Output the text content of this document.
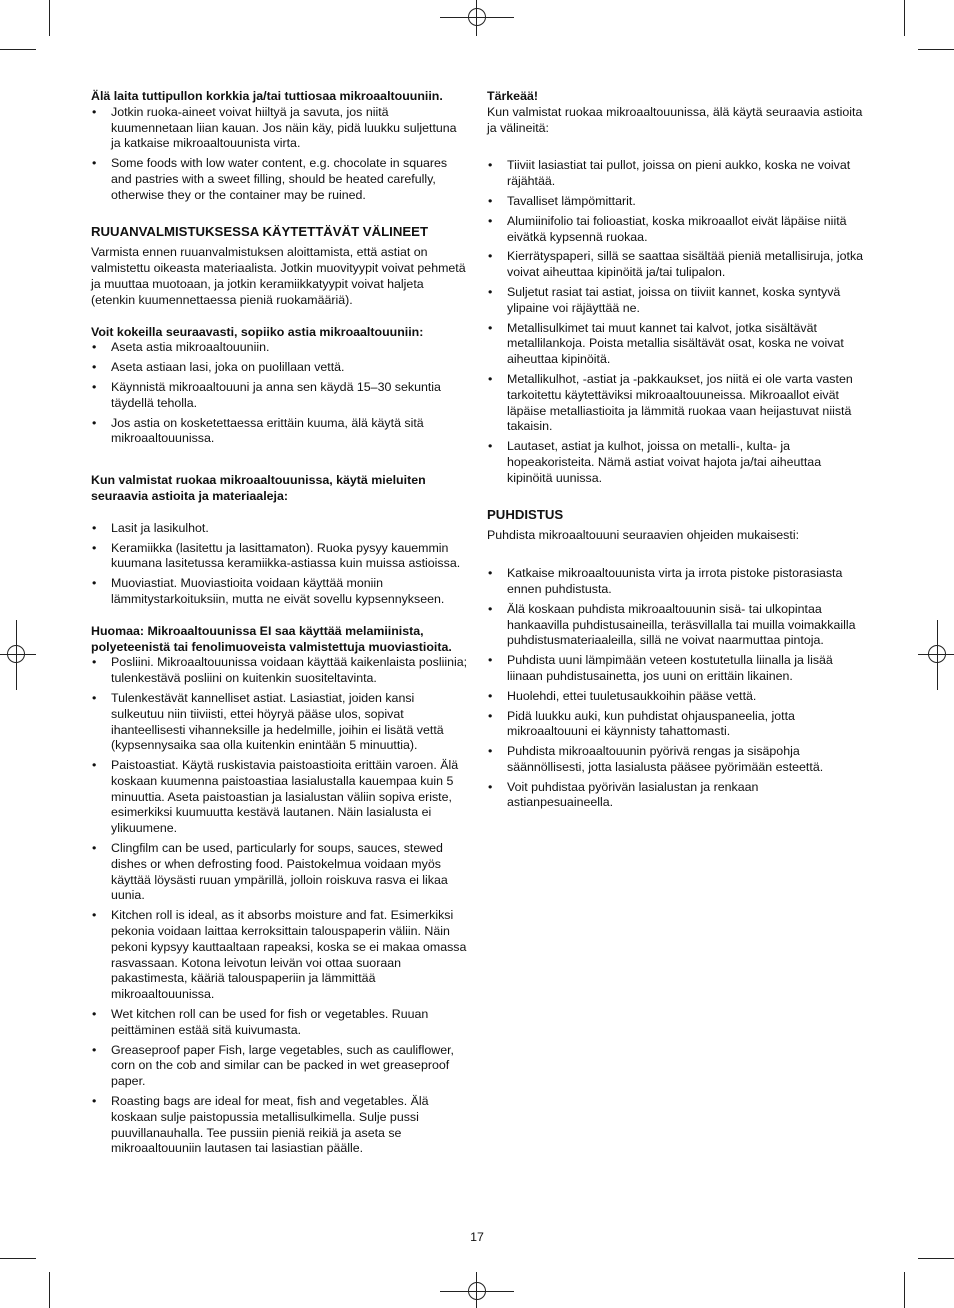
Älä laita tuttipullon korkkia ja/tai tuttiosaa mikroaaltouuniin.

• Jotkin ruoka-aineet voivat hiiltyä ja savuta, jos niitä kuumennetaan liian kauan. Jos näin käy, pidä luukku suljettuna ja katkaise mikroaaltouunista virta.
• Some foods with low water content, e.g. chocolate in squares and pastries with a sweet filling, should be heated carefully, otherwise they or the container may be ruined.

RUUANVALMISTUKSESSA KÄYTETTÄVÄT VÄLINEET

Varmista ennen ruuanvalmistuksen aloittamista, että astiat on valmistettu oikeasta materiaalista. Jotkin muovityypit voivat pehmetä ja muuttaa muotoaan, ja jotkin keramiikkatyypit voivat haljeta (etenkin kuumennettaessa pieniä ruokamääriä).

Voit kokeilla seuraavasti, sopiiko astia mikroaaltouuniin:

• Aseta astia mikroaaltouuniin.
• Aseta astiaan lasi, joka on puolillaan vettä.
• Käynnistä mikroaaltouuni ja anna sen käydä 15–30 sekuntia täydellä teholla.
• Jos astia on kosketettaessa erittäin kuuma, älä käytä sitä mikroaaltouunissa.

Kun valmistat ruokaa mikroaaltouunissa, käytä mieluiten seuraavia astioita ja materiaaleja:

• Lasit ja lasikulhot.
• Keramiikka (lasitettu ja lasittamaton). Ruoka pysyy kauemmin kuumana lasitetussa keramiikka-astiassa kuin muissa astioissa.
• Muoviastiat. Muoviastioita voidaan käyttää moniin lämmitystarkoituksiin, mutta ne eivät sovellu kypsennykseen.

Huomaa: Mikroaaltouunissa EI saa käyttää melamiinista, polyeteenistä tai fenolimuoveista valmistettuja muoviastioita.

• Posliini. Mikroaaltouunissa voidaan käyttää kaikenlaista posliinia; tulenkestävä posliini on kuitenkin suositeltavinta.
• Tulenkestävät kannelliset astiat. Lasiastiat, joiden kansi sulkeutuu niin tiiviisti, ettei höyryä pääse ulos, sopivat ihanteellisesti vihanneksille ja hedelmille, joihin ei lisätä vettä (kypsennysaika saa olla kuitenkin enintään 5 minuuttia).
• Paistoastiat. Käytä ruskistavia paistoastioita erittäin varoen. Älä koskaan kuumenna paistoastiaa lasialustalla kauempaa kuin 5 minuuttia. Aseta paistoastian ja lasialustan väliin sopiva eriste, esimerkiksi kuumuutta kestävä lautanen. Näin lasialusta ei ylikuumene.
• Clingfilm can be used, particularly for soups, sauces, stewed dishes or when defrosting food. Paistokelmua voidaan myös käyttää löysästi ruuan ympärillä, jolloin roiskuva rasva ei likaa uunia.
• Kitchen roll is ideal, as it absorbs moisture and fat. Esimerkiksi pekonia voidaan laittaa kerroksittain talouspaperin väliin. Näin pekoni kypsyy kauttaaltaan rapeaksi, koska se ei makaa omassa rasvassaan. Kotona leivotun leivän voi ottaa suoraan pakastimesta, kääriä talouspaperiin ja lämmittää mikroaaltouunissa.
• Wet kitchen roll can be used for fish or vegetables. Ruuan peittäminen estää sitä kuivumasta.
• Greaseproof paper Fish, large vegetables, such as cauliflower, corn on the cob and similar can be packed in wet greaseproof paper.
• Roasting bags are ideal for meat, fish and vegetables. Älä koskaan sulje paistopussia metallisulkimella. Sulje pussi puuvillanauhalla. Tee pussiin pieniä reikiä ja aseta se mikroaaltouuniin lautasen tai lasiastian päälle.

Tärkeää!

Kun valmistat ruokaa mikroaaltouunissa, älä käytä seuraavia astioita ja välineitä:

• Tiiviit lasiastiat tai pullot, joissa on pieni aukko, koska ne voivat räjähtää.
• Tavalliset lämpömittarit.
• Alumiinifolio tai folioastiat, koska mikroaallot eivät läpäise niitä eivätkä kypsennä ruokaa.
• Kierrätyspaperi, sillä se saattaa sisältää pieniä metallisiruja, jotka voivat aiheuttaa kipinöitä ja/tai tulipalon.
• Suljetut rasiat tai astiat, joissa on tiiviit kannet, koska syntyvä ylipaine voi räjäyttää ne.
• Metallisulkimet tai muut kannet tai kalvot, jotka sisältävät metallilankoja. Poista metallia sisältävät osat, koska ne voivat aiheuttaa kipinöitä.
• Metallikulhot, -astiat ja -pakkaukset, jos niitä ei ole varta vasten tarkoitettu käytettäviksi mikroaaltouuneissa. Mikroaallot eivät läpäise metalliastioita ja lämmitä ruokaa vaan heijastuvat niistä takaisin.
• Lautaset, astiat ja kulhot, joissa on metalli-, kulta- ja hopeakoristeita. Nämä astiat voivat hajota ja/tai aiheuttaa kipinöitä uunissa.

PUHDISTUS

Puhdista mikroaaltouuni seuraavien ohjeiden mukaisesti:

• Katkaise mikroaaltouunista virta ja irrota pistoke pistorasiasta ennen puhdistusta.
• Älä koskaan puhdista mikroaaltouunin sisä- tai ulkopintaa hankaavilla puhdistusaineilla, teräsvillalla tai muilla voimakkailla puhdistusmateriaaleilla, sillä ne voivat naarmuttaa pintoja.
• Puhdista uuni lämpimään veteen kostutetulla liinalla ja lisää liinaan puhdistusainetta, jos uuni on erittäin likainen.
• Huolehdi, ettei tuuletusaukkoihin pääse vettä.
• Pidä luukku auki, kun puhdistat ohjauspaneelia, jotta mikroaaltouuni ei käynnisty tahattomasti.
• Puhdista mikroaaltouunin pyörivä rengas ja sisäpohja säännöllisesti, jotta lasialusta pääsee pyörimään esteettä.
• Voit puhdistaa pyörivän lasialustan ja renkaan astianpesuaineella.
17
